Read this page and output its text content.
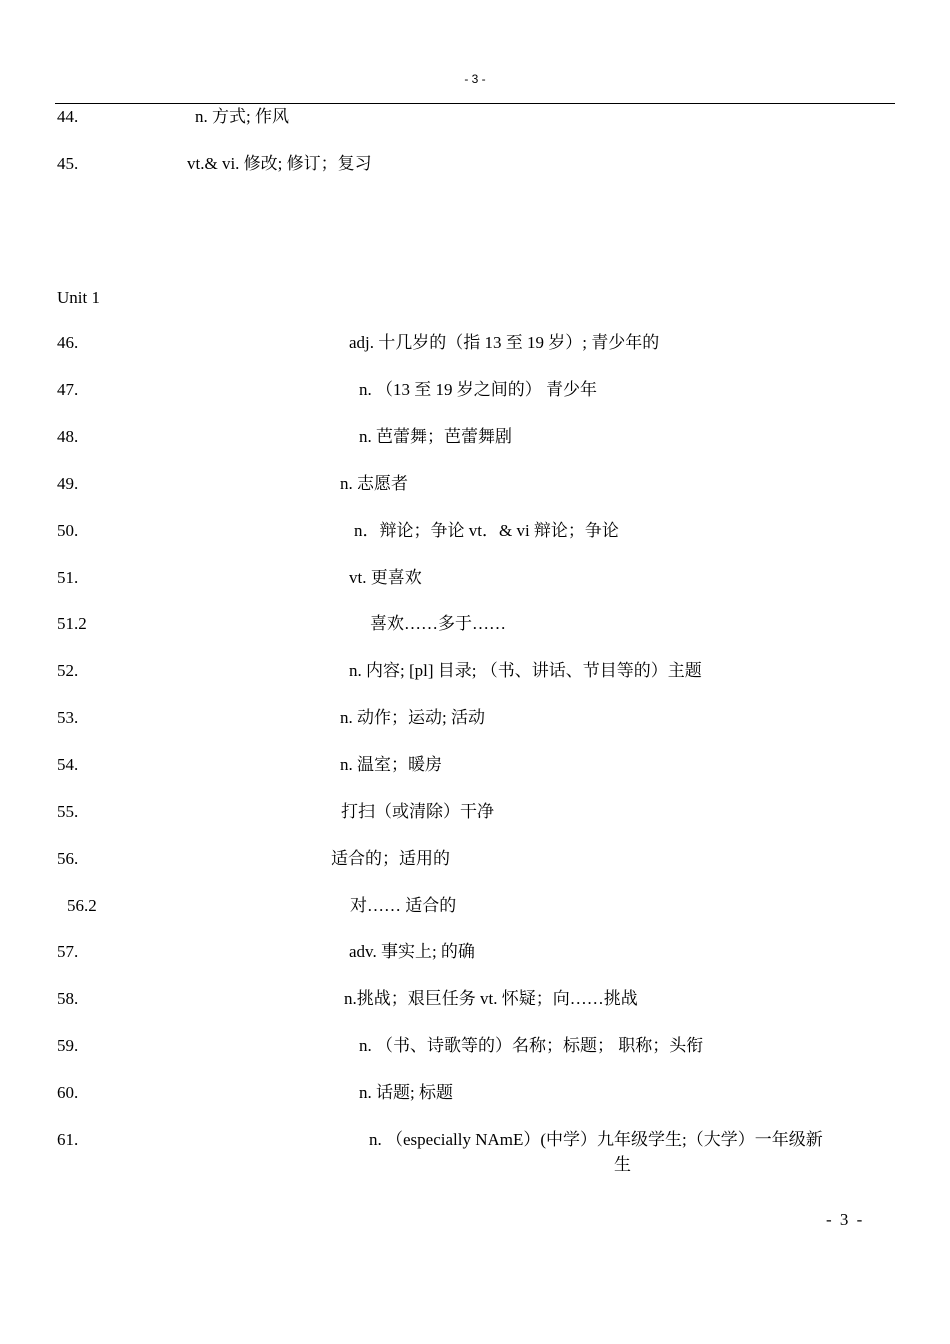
- 3 -
44.	n. 方式; 作风
45.	vt.& vi. 修改; 修订；复习
Unit 1
46.	adj. 十几岁的（指 13 至 19 岁）; 青少年的
47.	n. （13 至 19 岁之间的） 青少年
48.	n. 芭蕾舞；芭蕾舞剧
49.	n. 志愿者
50.	n．辩论；争论 vt．& vi 辩论；争论
51.	vt. 更喜欢
51.2	喜欢……多于……
52.	n. 内容; [pl] 目录; （书、讲话、节目等的）主题
53.	n. 动作；运动; 活动
54.	n. 温室；暖房
55.	打扫（或清除）干净
56.	适合的；适用的
56.2	对…… 适合的
57.	adv. 事实上; 的确
58.	n.挑战；艰巨任务 vt. 怀疑；向……挑战
59.	n. （书、诗歌等的）名称；标题； 职称；头衔
60.	n. 话题; 标题
61.	n. （especially NAmE）(中学）九年级学生;（大学）一年级新
生
- 3 -
